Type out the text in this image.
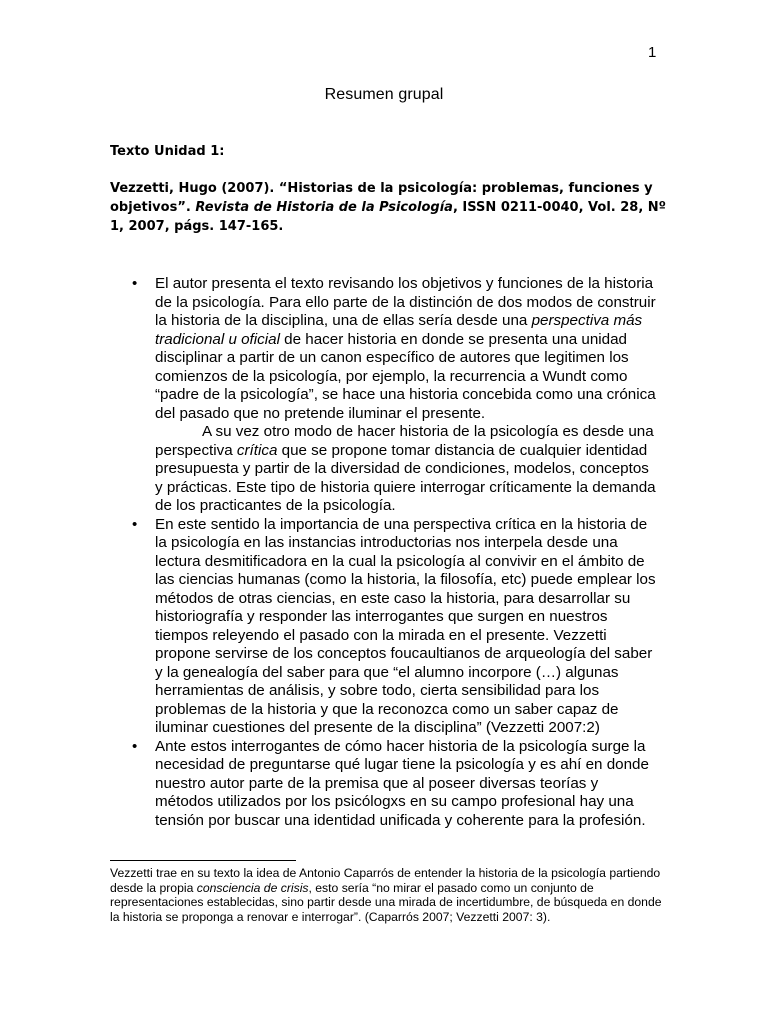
1
Resumen grupal
Texto Unidad 1:
Vezzetti, Hugo (2007). “Historias de la psicología: problemas, funciones y objetivos”. Revista de Historia de la Psicología, ISSN 0211-0040, Vol. 28, Nº 1, 2007, págs. 147-165.
• El autor presenta el texto revisando los objetivos y funciones de la historia de la psicología. Para ello parte de la distinción de dos modos de construir la historia de la disciplina, una de ellas sería desde una perspectiva más tradicional u oficial de hacer historia en donde se presenta una unidad disciplinar a partir de un canon específico de autores que legitimen los comienzos de la psicología, por ejemplo, la recurrencia a Wundt como “padre de la psicología”, se hace una historia concebida como una crónica del pasado que no pretende iluminar el presente.
A su vez otro modo de hacer historia de la psicología es desde una perspectiva crítica que se propone tomar distancia de cualquier identidad presupuesta y partir de la diversidad de condiciones, modelos, conceptos y prácticas. Este tipo de historia quiere interrogar críticamente la demanda de los practicantes de la psicología.
• En este sentido la importancia de una perspectiva crítica en la historia de la psicología en las instancias introductorias nos interpela desde una lectura desmitificadora en la cual la psicología al convivir en el ámbito de las ciencias humanas (como la historia, la filosofía, etc) puede emplear los métodos de otras ciencias, en este caso la historia, para desarrollar su historiografía y responder las interrogantes que surgen en nuestros tiempos releyendo el pasado con la mirada en el presente. Vezzetti propone servirse de los conceptos foucaultianos de arqueología del saber y la genealogía del saber para que “el alumno incorpore (…) algunas herramientas de análisis, y sobre todo, cierta sensibilidad para los problemas de la historia y que la reconozca como un saber capaz de iluminar cuestiones del presente de la disciplina” (Vezzetti 2007:2)
• Ante estos interrogantes de cómo hacer historia de la psicología surge la necesidad de preguntarse qué lugar tiene la psicología y es ahí en donde nuestro autor parte de la premisa que al poseer diversas teorías y métodos utilizados por los psicólogxs en su campo profesional hay una tensión por buscar una identidad unificada y coherente para la profesión.
Vezzetti trae en su texto la idea de Antonio Caparrós de entender la historia de la psicología partiendo desde la propia consciencia de crisis, esto sería “no mirar el pasado como un conjunto de representaciones establecidas, sino partir desde una mirada de incertidumbre, de búsqueda en donde la historia se proponga a renovar e interrogar”. (Caparrós 2007; Vezzetti 2007: 3).
